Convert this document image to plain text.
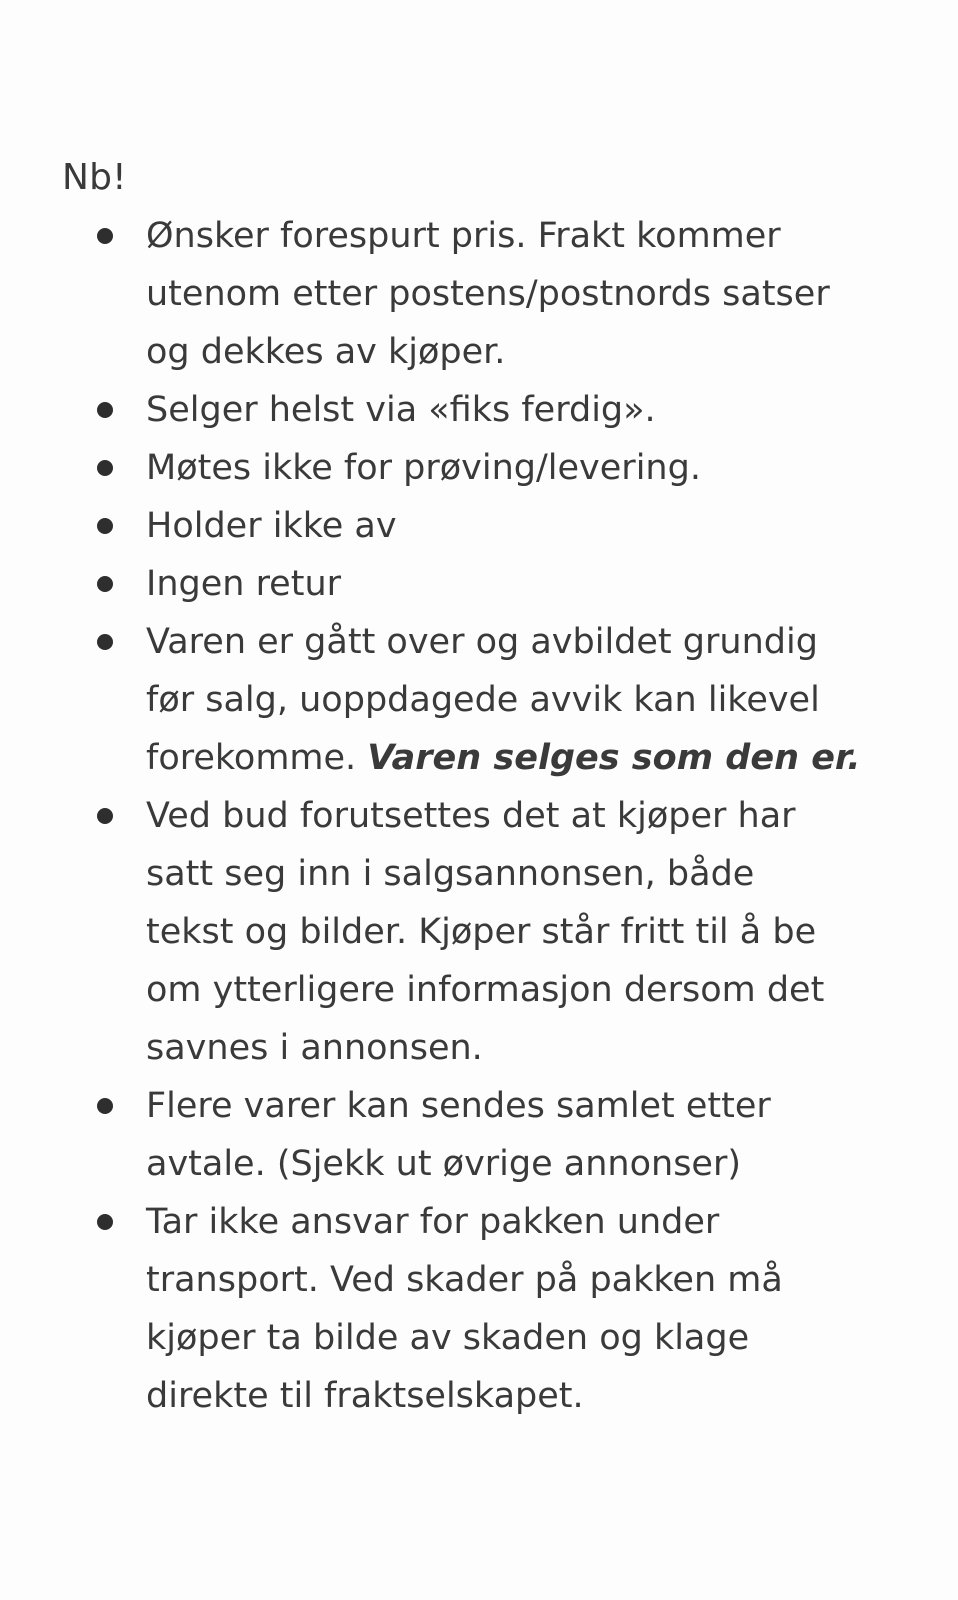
Nb!

Ønsker forespurt pris. Frakt kommer
utenom etter postens/postnords satser
og dekkes av kjøper.
Selger helst via «fiks ferdig».
Møtes ikke for prøving/levering.
Holder ikke av
Ingen retur
Varen er gått over og avbildet grundig
før salg, uoppdagede avvik kan likevel
forekomme. Varen selges som den er.
Ved bud forutsettes det at kjøper har
satt seg inn i salgsannonsen, både
tekst og bilder. Kjøper står fritt til å be
om ytterligere informasjon dersom det
savnes i annonsen.
Flere varer kan sendes samlet etter
avtale. (Sjekk ut øvrige annonser)
Tar ikke ansvar for pakken under
transport. Ved skader på pakken må
kjøper ta bilde av skaden og klage
direkte til fraktselskapet.
